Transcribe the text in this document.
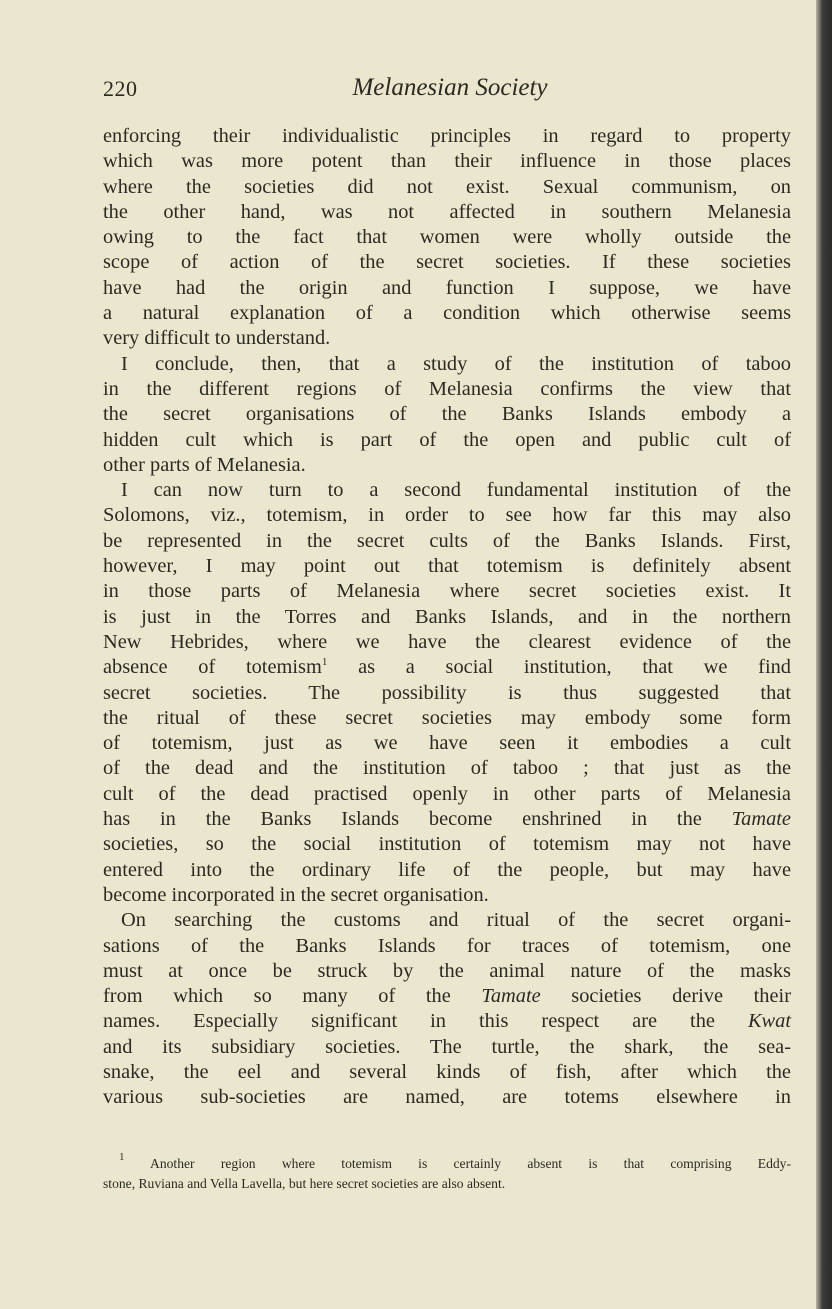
220	Melanesian Society
enforcing their individualistic principles in regard to property
which was more potent than their influence in those places
where the societies did not exist. Sexual communism, on
the other hand, was not affected in southern Melanesia
owing to the fact that women were wholly outside the
scope of action of the secret societies. If these societies
have had the origin and function I suppose, we have
a natural explanation of a condition which otherwise seems
very difficult to understand.
I conclude, then, that a study of the institution of taboo
in the different regions of Melanesia confirms the view that
the secret organisations of the Banks Islands embody a
hidden cult which is part of the open and public cult of
other parts of Melanesia.
I can now turn to a second fundamental institution of the
Solomons, viz., totemism, in order to see how far this may also
be represented in the secret cults of the Banks Islands. First,
however, I may point out that totemism is definitely absent
in those parts of Melanesia where secret societies exist. It
is just in the Torres and Banks Islands, and in the northern
New Hebrides, where we have the clearest evidence of the
absence of totemism$^1$ as a social institution, that we find
secret societies. The possibility is thus suggested that
the ritual of these secret societies may embody some form
of totemism, just as we have seen it embodies a cult
of the dead and the institution of taboo ; that just as the
cult of the dead practised openly in other parts of Melanesia
has in the Banks Islands become enshrined in the Tamate
societies, so the social institution of totemism may not have
entered into the ordinary life of the people, but may have
become incorporated in the secret organisation.
On searching the customs and ritual of the secret organi-
sations of the Banks Islands for traces of totemism, one
must at once be struck by the animal nature of the masks
from which so many of the Tamate societies derive their
names. Especially significant in this respect are the Kwat
and its subsidiary societies. The turtle, the shark, the sea-
snake, the eel and several kinds of fish, after which the
various sub-societies are named, are totems elsewhere in
$^1$ Another region where totemism is certainly absent is that comprising Eddy-
stone, Ruviana and Vella Lavella, but here secret societies are also absent.
